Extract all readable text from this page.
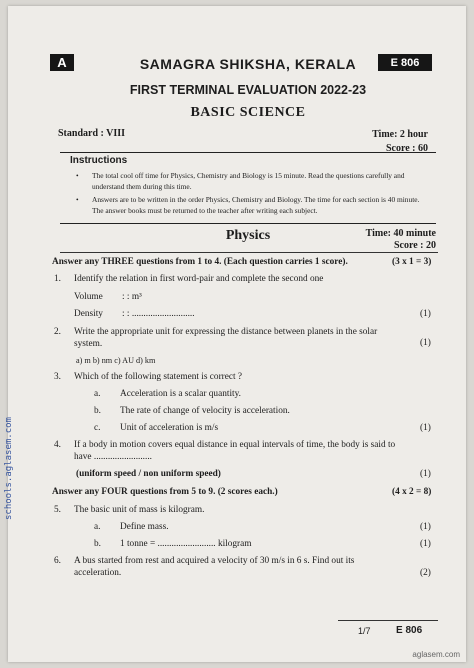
A	E 806
SAMAGRA SHIKSHA, KERALA
FIRST TERMINAL EVALUATION 2022-23
BASIC SCIENCE
Standard : VIII	Time: 2 hour
Score : 60
Instructions
• The total cool off time for Physics, Chemistry and Biology is 15 minute. Read the questions carefully and understand them during this time.
• Answers are to be written in the order Physics, Chemistry and Biology. The time for each section is 40 minute. The answer books must be returned to the teacher after writing each subject.
Physics	Time: 40 minute
Score : 20
Answer any THREE questions from 1 to 4. (Each question carries 1 score).	(3 x 1 = 3)
1. Identify the relation in first word-pair and complete the second one
Volume : : m³
Density : : ...........................	(1)
2. Write the appropriate unit for expressing the distance between planets in the solar
system.	(1)
a) m b) nm c) AU d) km
3. Which of the following statement is correct ?
a. Acceleration is a scalar quantity.
b. The rate of change of velocity is acceleration.
c. Unit of acceleration is m/s	(1)
4. If a body in motion covers equal distance in equal intervals of time, the body is said to
have .........................
(uniform speed / non uniform speed)	(1)
Answer any FOUR questions from 5 to 9. (2 scores each.)	(4 x 2 = 8)
5. The basic unit of mass is kilogram.
a. Define mass.	(1)
b. 1 tonne = ......................... kilogram	(1)
6. A bus started from rest and acquired a velocity of 30 m/s in 6 s. Find out its
acceleration.	(2)
1/7	E 806
schools.aglasem.com
aglasem.com
